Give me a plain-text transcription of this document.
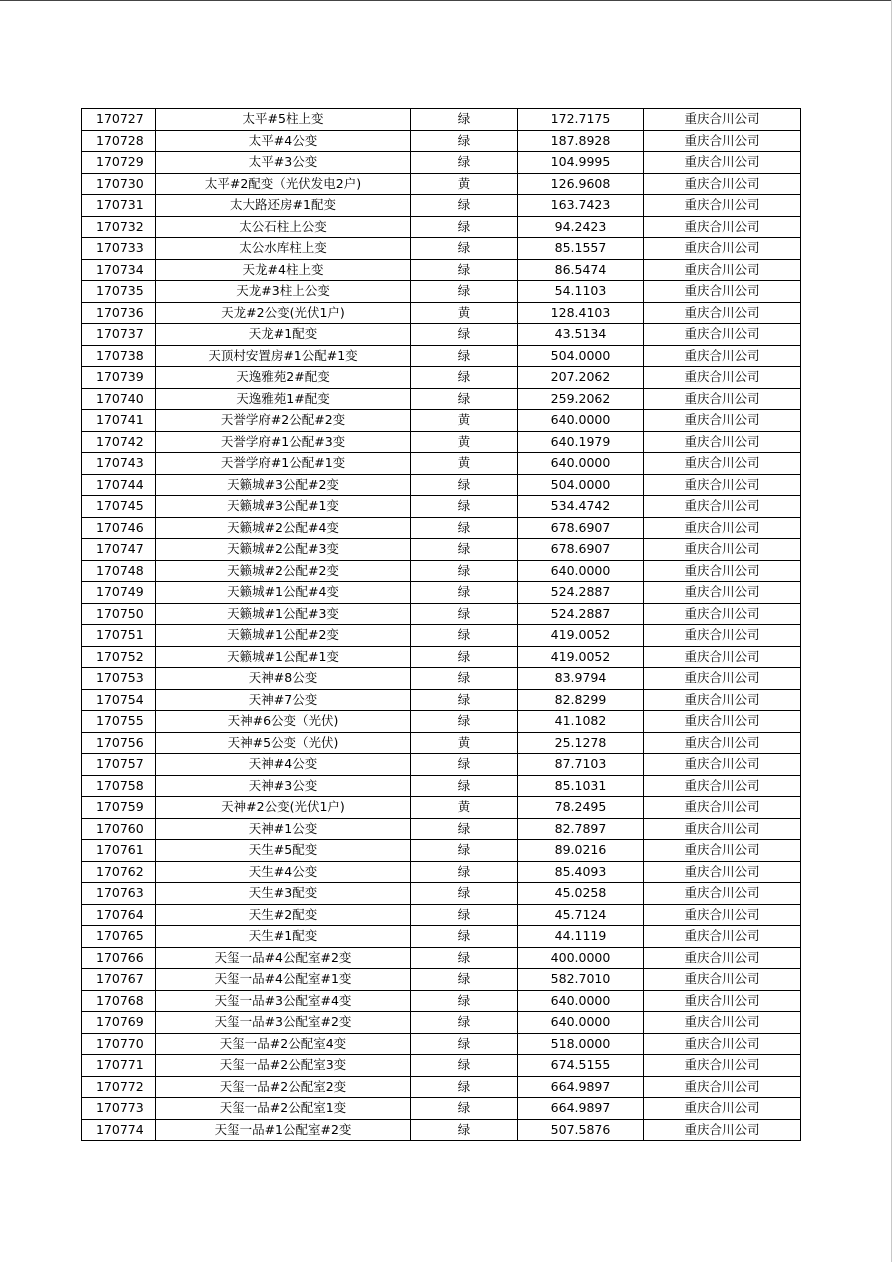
170727	太平#5柱上变	绿	172.7175	重庆合川公司
170728	太平#4公变	绿	187.8928	重庆合川公司
170729	太平#3公变	绿	104.9995	重庆合川公司
170730	太平#2配变（光伏发电2户)	黄	126.9608	重庆合川公司
170731	太大路还房#1配变	绿	163.7423	重庆合川公司
170732	太公石柱上公变	绿	94.2423	重庆合川公司
170733	太公水库柱上变	绿	85.1557	重庆合川公司
170734	天龙#4柱上变	绿	86.5474	重庆合川公司
170735	天龙#3柱上公变	绿	54.1103	重庆合川公司
170736	天龙#2公变(光伏1户)	黄	128.4103	重庆合川公司
170737	天龙#1配变	绿	43.5134	重庆合川公司
170738	天顶村安置房#1公配#1变	绿	504.0000	重庆合川公司
170739	天逸雅苑2#配变	绿	207.2062	重庆合川公司
170740	天逸雅苑1#配变	绿	259.2062	重庆合川公司
170741	天誉学府#2公配#2变	黄	640.0000	重庆合川公司
170742	天誉学府#1公配#3变	黄	640.1979	重庆合川公司
170743	天誉学府#1公配#1变	黄	640.0000	重庆合川公司
170744	天籁城#3公配#2变	绿	504.0000	重庆合川公司
170745	天籁城#3公配#1变	绿	534.4742	重庆合川公司
170746	天籁城#2公配#4变	绿	678.6907	重庆合川公司
170747	天籁城#2公配#3变	绿	678.6907	重庆合川公司
170748	天籁城#2公配#2变	绿	640.0000	重庆合川公司
170749	天籁城#1公配#4变	绿	524.2887	重庆合川公司
170750	天籁城#1公配#3变	绿	524.2887	重庆合川公司
170751	天籁城#1公配#2变	绿	419.0052	重庆合川公司
170752	天籁城#1公配#1变	绿	419.0052	重庆合川公司
170753	天神#8公变	绿	83.9794	重庆合川公司
170754	天神#7公变	绿	82.8299	重庆合川公司
170755	天神#6公变（光伏)	绿	41.1082	重庆合川公司
170756	天神#5公变（光伏)	黄	25.1278	重庆合川公司
170757	天神#4公变	绿	87.7103	重庆合川公司
170758	天神#3公变	绿	85.1031	重庆合川公司
170759	天神#2公变(光伏1户)	黄	78.2495	重庆合川公司
170760	天神#1公变	绿	82.7897	重庆合川公司
170761	天生#5配变	绿	89.0216	重庆合川公司
170762	天生#4公变	绿	85.4093	重庆合川公司
170763	天生#3配变	绿	45.0258	重庆合川公司
170764	天生#2配变	绿	45.7124	重庆合川公司
170765	天生#1配变	绿	44.1119	重庆合川公司
170766	天玺一品#4公配室#2变	绿	400.0000	重庆合川公司
170767	天玺一品#4公配室#1变	绿	582.7010	重庆合川公司
170768	天玺一品#3公配室#4变	绿	640.0000	重庆合川公司
170769	天玺一品#3公配室#2变	绿	640.0000	重庆合川公司
170770	天玺一品#2公配室4变	绿	518.0000	重庆合川公司
170771	天玺一品#2公配室3变	绿	674.5155	重庆合川公司
170772	天玺一品#2公配室2变	绿	664.9897	重庆合川公司
170773	天玺一品#2公配室1变	绿	664.9897	重庆合川公司
170774	天玺一品#1公配室#2变	绿	507.5876	重庆合川公司
